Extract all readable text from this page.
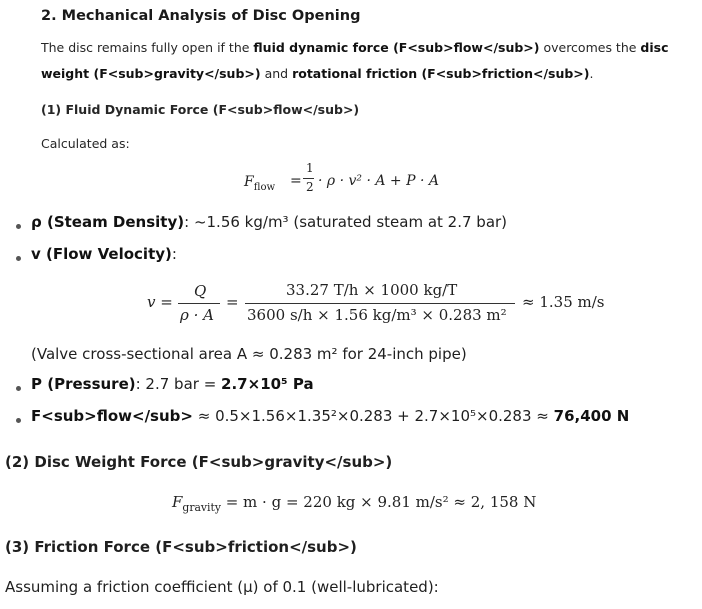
2. Mechanical Analysis of Disc Opening
The disc remains fully open if the fluid dynamic force (F<sub>flow</sub>) overcomes the disc
weight (F<sub>gravity</sub>) and rotational friction (F<sub>friction</sub>).
(1) Fluid Dynamic Force (F<sub>flow</sub>)
Calculated as:
$F_{flow}$ =
1
2 · ρ · v² · A + P · A
ρ (Steam Density): ~1.56 kg/m³ (saturated steam at 2.7 bar)
v (Flow Velocity):
v =
Q
ρ · A
=
33.27 T/h × 1000 kg/T
3600 s/h × 1.56 kg/m³ × 0.283 m²
≈ 1.35 m/s
(Valve cross-sectional area A ≈ 0.283 m² for 24-inch pipe)
P (Pressure): 2.7 bar = 2.7×10⁵ Pa
F<sub>flow</sub> ≈ 0.5×1.56×1.35²×0.283 + 2.7×10⁵×0.283 ≈ 76,400 N
(2) Disc Weight Force (F<sub>gravity</sub>)
$F_{gravity} = m \cdot g = 220$ kg × 9.81 m/s² ≈ 2, 158 N
(3) Friction Force (F<sub>friction</sub>)
Assuming a friction coefficient (μ) of 0.1 (well-lubricated):
